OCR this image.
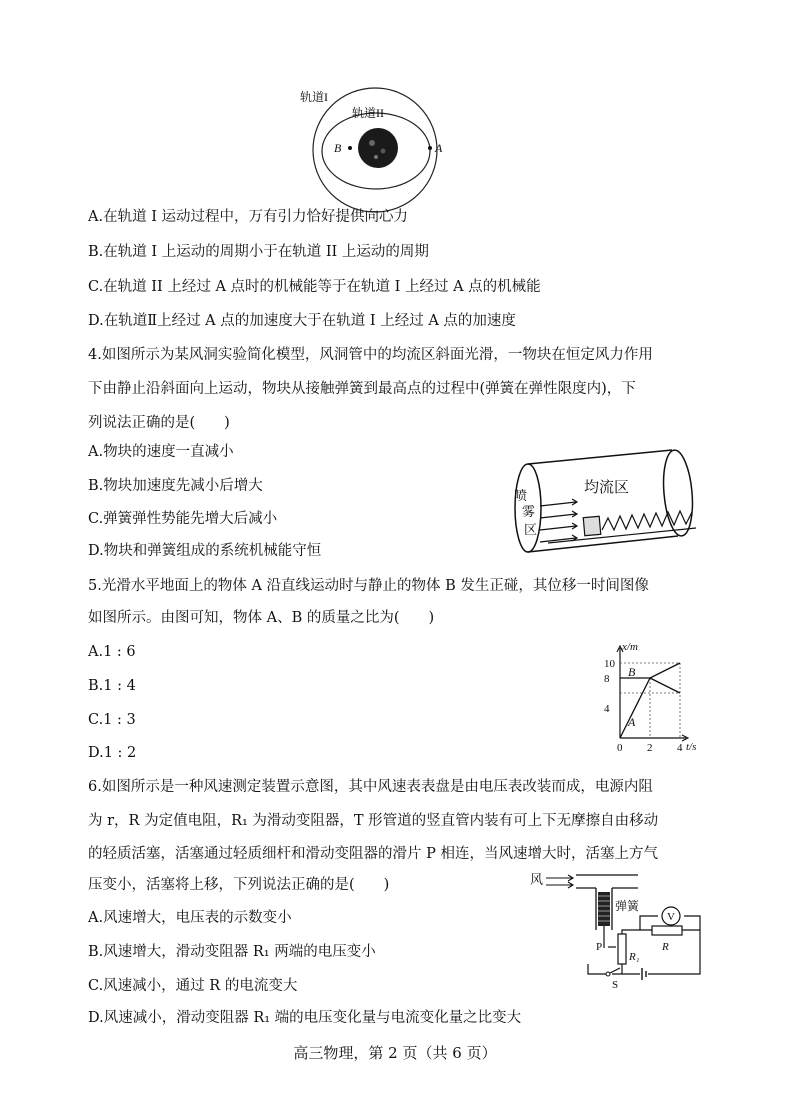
轨道I
轨道II
B	A
A.在轨道 I 运动过程中，万有引力恰好提供向心力
B.在轨道 I 上运动的周期小于在轨道 II 上运动的周期
C.在轨道 II 上经过 A 点时的机械能等于在轨道 I 上经过 A 点的机械能
D.在轨道Ⅱ上经过 A 点的加速度大于在轨道 I 上经过 A 点的加速度
4.如图所示为某风洞实验简化模型，风洞管中的均流区斜面光滑，一物块在恒定风力作用
下由静止沿斜面向上运动，物块从接触弹簧到最高点的过程中(弹簧在弹性限度内)，下
列说法正确的是(　　)
A.物块的速度一直减小
B.物块加速度先减小后增大
C.弹簧弹性势能先增大后减小
D.物块和弹簧组成的系统机械能守恒
喷
雾
区
均流区
5.光滑水平地面上的物体 A 沿直线运动时与静止的物体 B 发生正碰，其位移一时间图像
如图所示。由图可知，物体 A、B 的质量之比为(　　)
A.1 : 6
B.1 : 4
C.1 : 3
D.1 : 2
x/m
t/s
10
8
4
0 2 4
A
B
6.如图所示是一种风速测定装置示意图，其中风速表表盘是由电压表改装而成，电源内阻
为 r，R 为定值电阻，R₁ 为滑动变阻器，T 形管道的竖直管内装有可上下无摩擦自由移动
的轻质活塞，活塞通过轻质细杆和滑动变阻器的滑片 P 相连，当风速增大时，活塞上方气
压变小，活塞将上移，下列说法正确的是(　　)
A.风速增大，电压表的示数变小
B.风速增大，滑动变阻器 R₁ 两端的电压变小
C.风速减小，通过 R 的电流变大
D.风速减小，滑动变阻器 R₁ 端的电压变化量与电流变化量之比变大
风
弹簧
P
R₁
V
R
S
高三物理，第 2 页（共 6 页）
